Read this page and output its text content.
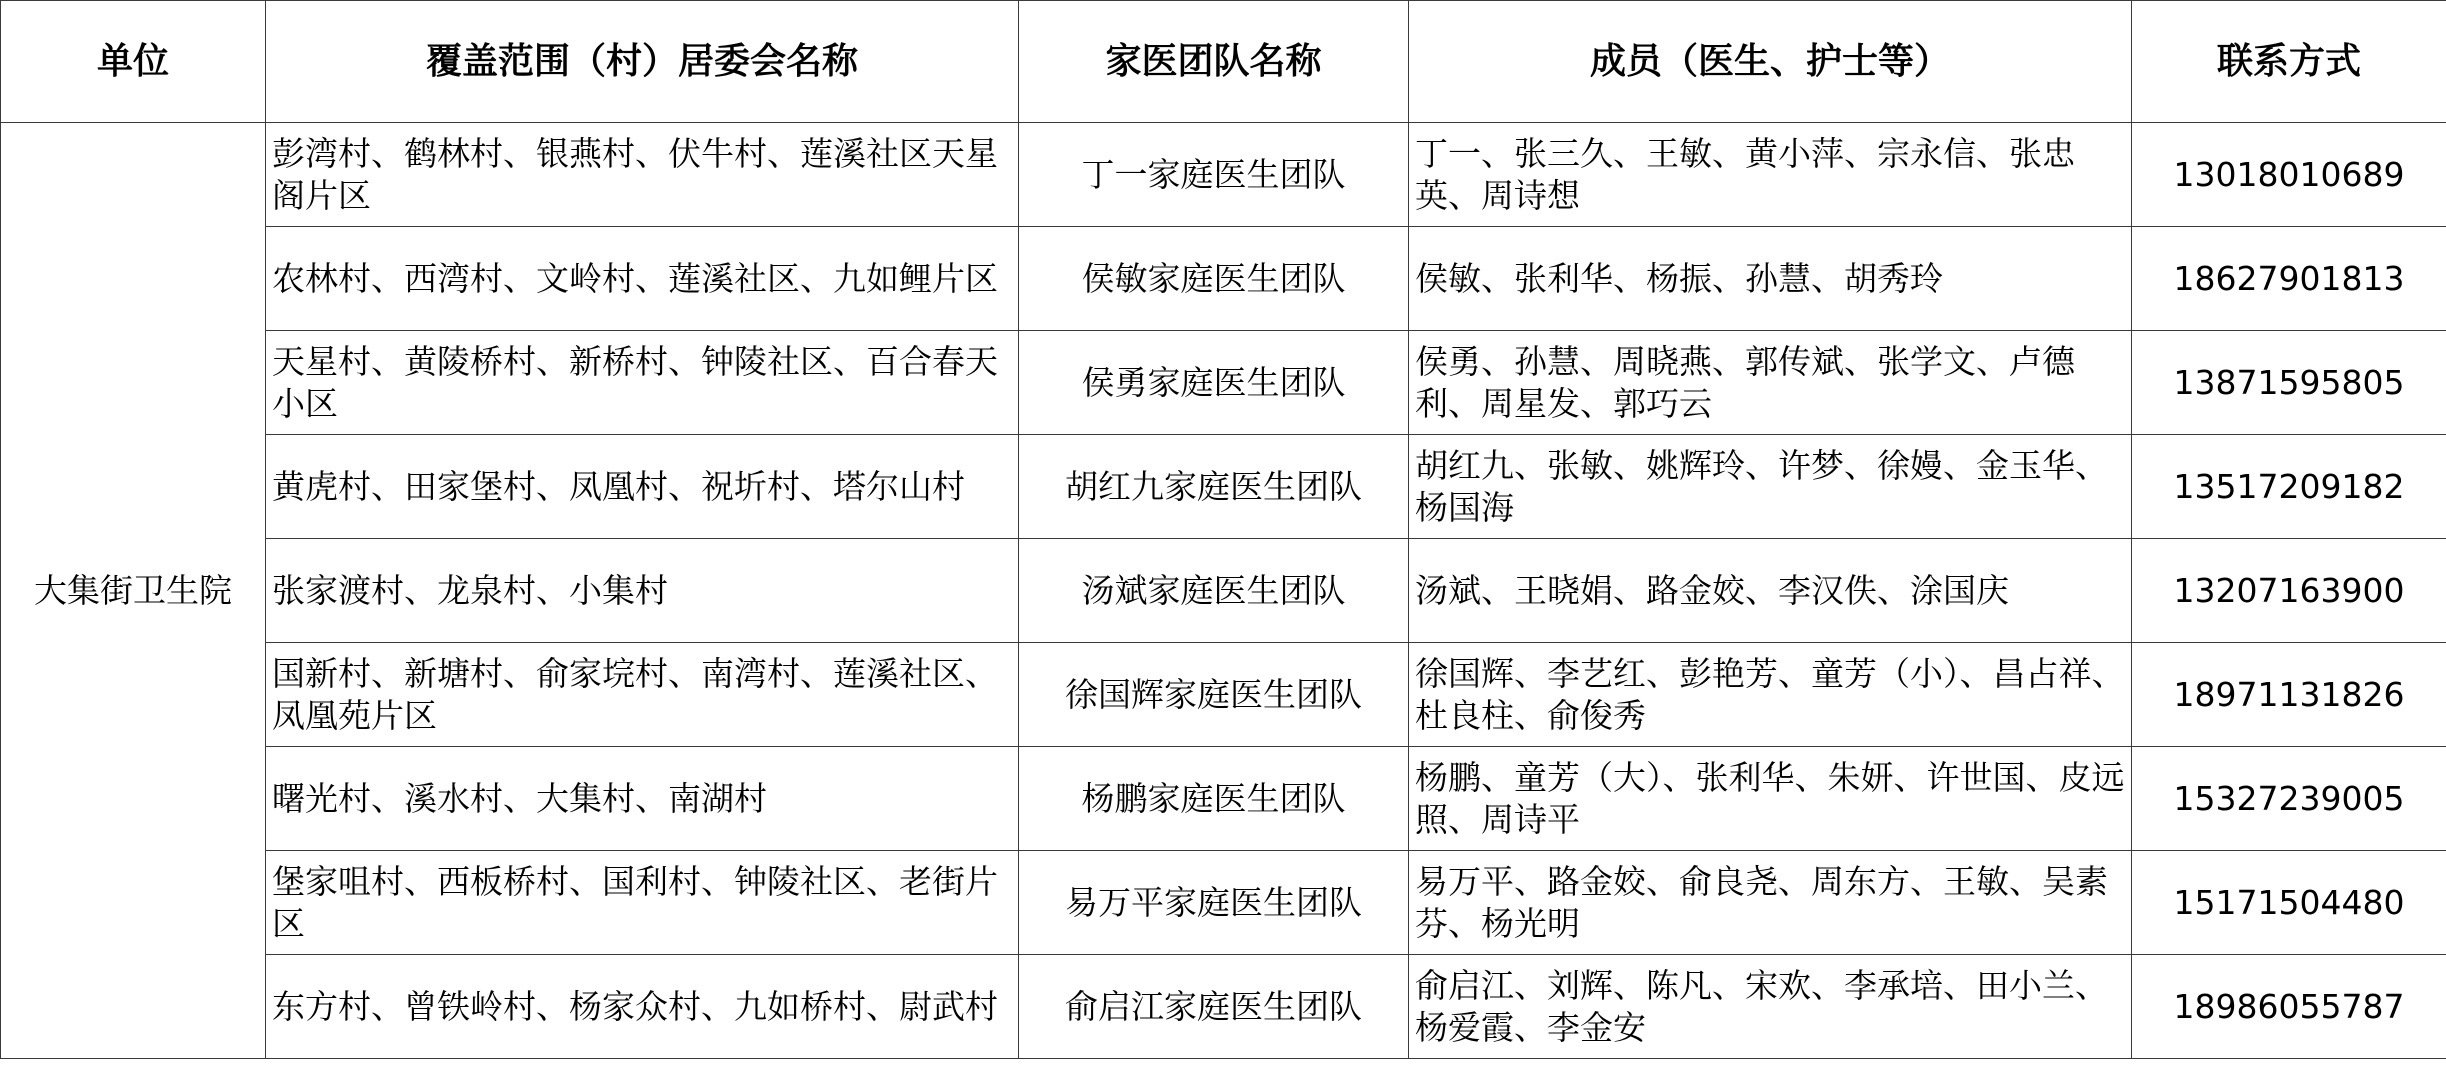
单位	覆盖范围（村）居委会名称	家医团队名称	成员（医生、护士等）	联系方式
大集街卫生院	彭湾村、鹤林村、银燕村、伏牛村、莲溪社区天星阁片区	丁一家庭医生团队	丁一、张三久、王敏、黄小萍、宗永信、张忠英、周诗想	13018010689
	农林村、西湾村、文岭村、莲溪社区、九如鲤片区	侯敏家庭医生团队	侯敏、张利华、杨振、孙慧、胡秀玲	18627901813
	天星村、黄陵桥村、新桥村、钟陵社区、百合春天小区	侯勇家庭医生团队	侯勇、孙慧、周晓燕、郭传斌、张学文、卢德利、周星发、郭巧云	13871595805
	黄虎村、田家堡村、凤凰村、祝圻村、塔尔山村	胡红九家庭医生团队	胡红九、张敏、姚辉玲、许梦、徐嫚、金玉华、杨国海	13517209182
	张家渡村、龙泉村、小集村	汤斌家庭医生团队	汤斌、王晓娟、路金姣、李汉佚、涂国庆	13207163900
	国新村、新塘村、俞家垸村、南湾村、莲溪社区、凤凰苑片区	徐国辉家庭医生团队	徐国辉、李艺红、彭艳芳、童芳（小）、昌占祥、杜良柱、俞俊秀	18971131826
	曙光村、溪水村、大集村、南湖村	杨鹏家庭医生团队	杨鹏、童芳（大）、张利华、朱妍、许世国、皮远照、周诗平	15327239005
	堡家咀村、西板桥村、国利村、钟陵社区、老街片区	易万平家庭医生团队	易万平、路金姣、俞良尧、周东方、王敏、吴素芬、杨光明	15171504480
	东方村、曾铁岭村、杨家众村、九如桥村、尉武村	俞启江家庭医生团队	俞启江、刘辉、陈凡、宋欢、李承培、田小兰、杨爱霞、李金安	18986055787
